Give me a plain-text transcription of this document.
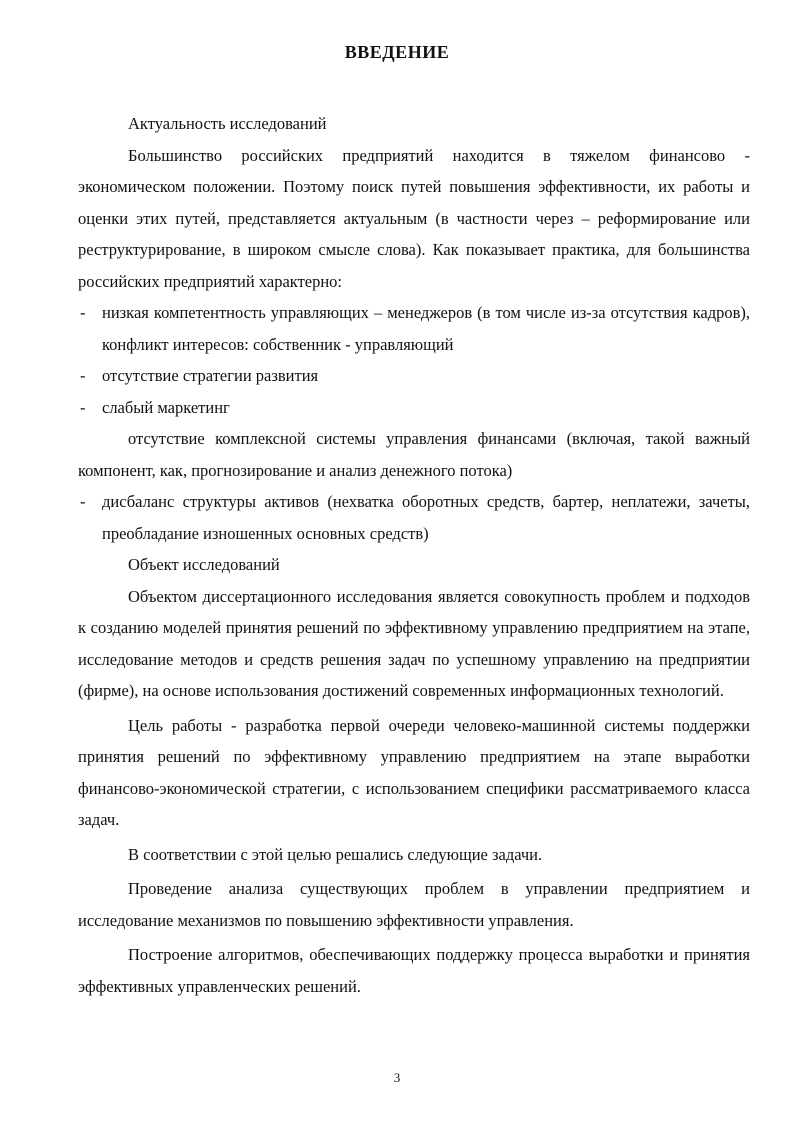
ВВЕДЕНИЕ

Актуальность исследований

Большинство российских предприятий находится в тяжелом финансово - экономическом положении. Поэтому поиск путей повышения эффективности, их работы и оценки этих путей, представляется актуальным (в частности через – реформирование или реструктурирование, в широком смысле слова). Как показывает практика, для большинства российских предприятий характерно:

- низкая компетентность управляющих – менеджеров (в том числе из-за отсутствия кадров), конфликт интересов: собственник - управляющий

- отсутствие стратегии развития

- слабый маркетинг

отсутствие комплексной системы управления финансами (включая, такой важный компонент, как, прогнозирование и анализ денежного потока)

- дисбаланс структуры активов (нехватка оборотных средств, бартер, неплатежи, зачеты, преобладание изношенных основных средств)

Объект исследований

Объектом диссертационного исследования является совокупность проблем и подходов к созданию моделей принятия решений по эффективному управлению предприятием на этапе, исследование методов и средств решения задач по успешному управлению на предприятии (фирме), на основе использования достижений современных информационных технологий.

Цель работы - разработка первой очереди человеко-машинной системы поддержки принятия решений по эффективному управлению предприятием на этапе выработки финансово-экономической стратегии, с использованием специфики рассматриваемого класса задач.

В соответствии с этой целью решались следующие задачи.

Проведение анализа существующих проблем в управлении предприятием и исследование механизмов по повышению эффективности управления.

Построение алгоритмов, обеспечивающих поддержку процесса выработки и принятия эффективных управленческих решений.

3
